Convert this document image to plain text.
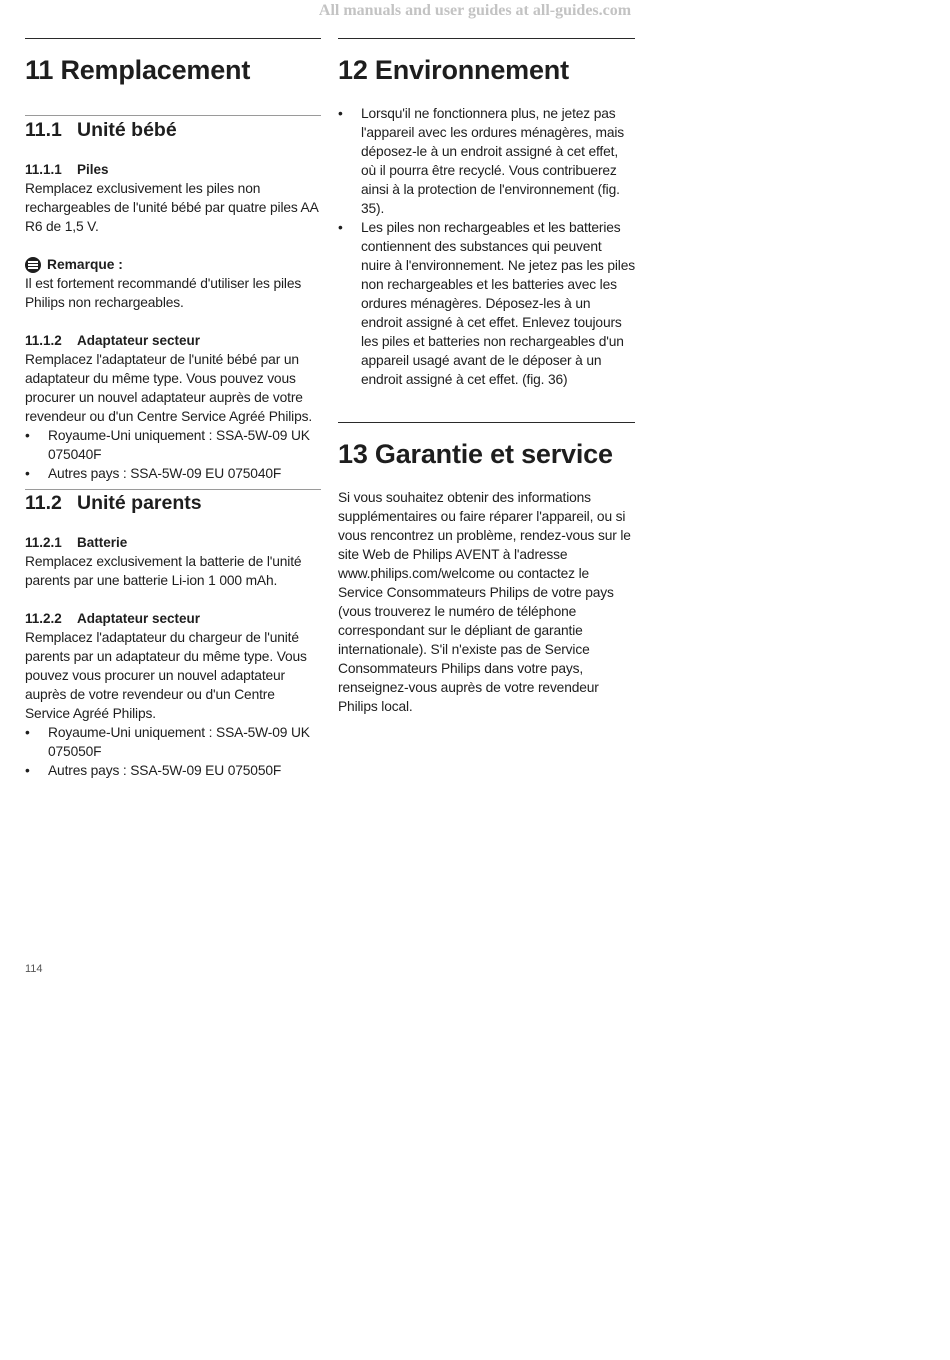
All manuals and user guides at all-guides.com
11 Remplacement
11.1 Unité bébé
11.1.1 Piles

Remplacez exclusivement les piles non rechargeables de l'unité bébé par quatre piles AA R6 de 1,5 V.

Remarque :

Il est fortement recommandé d'utiliser les piles Philips non rechargeables.

11.1.2 Adaptateur secteur

Remplacez l'adaptateur de l'unité bébé par un adaptateur du même type. Vous pouvez vous procurer un nouvel adaptateur auprès de votre revendeur ou d'un Centre Service Agréé Philips.

• Royaume-Uni uniquement : SSA-5W-09 UK 075040F
• Autres pays : SSA-5W-09 EU 075040F
11.2 Unité parents
11.2.1 Batterie

Remplacez exclusivement la batterie de l'unité parents par une batterie Li-ion 1 000 mAh.

11.2.2 Adaptateur secteur

Remplacez l'adaptateur du chargeur de l'unité parents par un adaptateur du même type. Vous pouvez vous procurer un nouvel adaptateur auprès de votre revendeur ou d'un Centre Service Agréé Philips.

• Royaume-Uni uniquement : SSA-5W-09 UK 075050F
• Autres pays : SSA-5W-09 EU 075050F
12 Environnement
• Lorsqu'il ne fonctionnera plus, ne jetez pas l'appareil avec les ordures ménagères, mais déposez-le à un endroit assigné à cet effet, où il pourra être recyclé. Vous contribuerez ainsi à la protection de l'environnement (fig. 35).
• Les piles non rechargeables et les batteries contiennent des substances qui peuvent nuire à l'environnement. Ne jetez pas les piles non rechargeables et les batteries avec les ordures ménagères. Déposez-les à un endroit assigné à cet effet. Enlevez toujours les piles et batteries non rechargeables d'un appareil usagé avant de le déposer à un endroit assigné à cet effet. (fig. 36)
13 Garantie et service

Si vous souhaitez obtenir des informations supplémentaires ou faire réparer l'appareil, ou si vous rencontrez un problème, rendez-vous sur le site Web de Philips AVENT à l'adresse www.philips.com/welcome ou contactez le Service Consommateurs Philips de votre pays (vous trouverez le numéro de téléphone correspondant sur le dépliant de garantie internationale). S'il n'existe pas de Service Consommateurs Philips dans votre pays, renseignez-vous auprès de votre revendeur Philips local.

114
